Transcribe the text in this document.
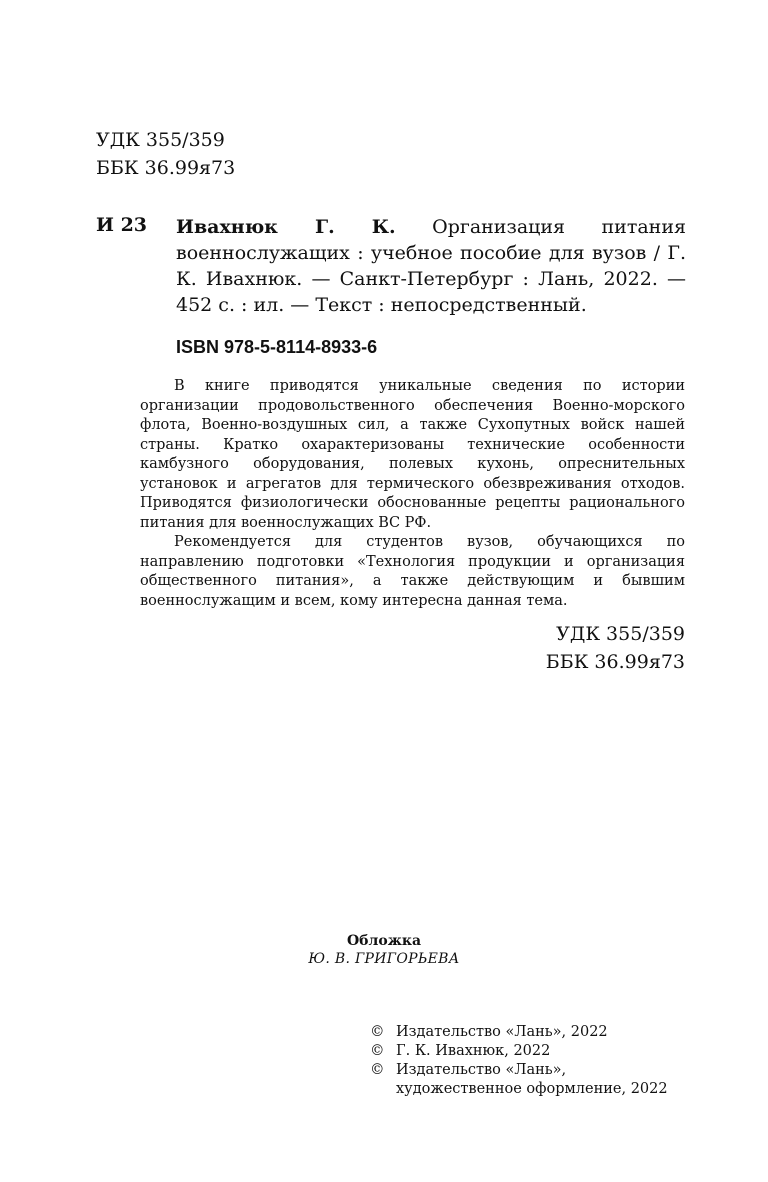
УДК 355/359
ББК 36.99я73
И 23 Ивахнюк Г. К. Организация питания военнослужащих : учебное пособие для вузов / Г. К. Ивахнюк. — Санкт-Петербург : Лань, 2022. — 452 с. : ил. — Текст : непосредственный.
ISBN 978-5-8114-8933-6

В книге приводятся уникальные сведения по истории организации продовольственного обеспечения Военно-морского флота, Военно-воздушных сил, а также Сухопутных войск нашей страны. Кратко охарактеризованы технические особенности камбузного оборудования, полевых кухонь, опреснительных установок и агрегатов для термического обезвреживания отходов. Приводятся физиологически обоснованные рецепты рационального питания для военнослужащих ВС РФ.

Рекомендуется для студентов вузов, обучающихся по направлению подготовки «Технология продукции и организация общественного питания», а также действующим и бывшим военнослужащим и всем, кому интересна данная тема.

УДК 355/359
ББК 36.99я73
Обложка
Ю. В. ГРИГОРЬЕВА
© Издательство «Лань», 2022
© Г. К. Ивахнюк, 2022
© Издательство «Лань»,
художественное оформление, 2022
